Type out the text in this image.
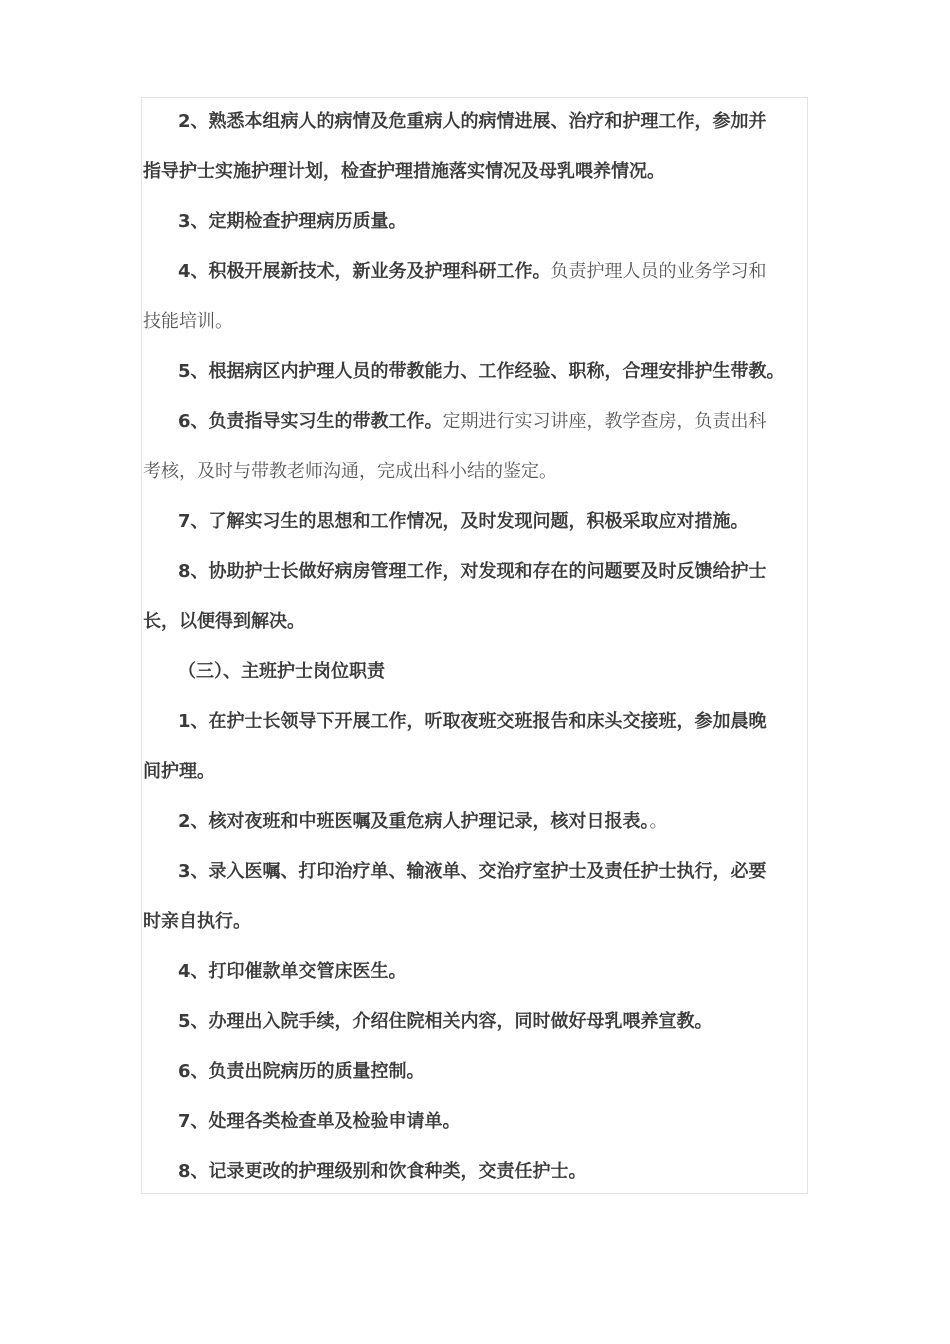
2、熟悉本组病人的病情及危重病人的病情进展、治疗和护理工作，参加并
指导护士实施护理计划，检查护理措施落实情况及母乳喂养情况。
3、定期检查护理病历质量。
4、积极开展新技术，新业务及护理科研工作。负责护理人员的业务学习和
技能培训。
5、根据病区内护理人员的带教能力、工作经验、职称，合理安排护生带教。
6、负责指导实习生的带教工作。定期进行实习讲座，教学查房，负责出科
考核，及时与带教老师沟通，完成出科小结的鉴定。
7、了解实习生的思想和工作情况，及时发现问题，积极采取应对措施。
8、协助护士长做好病房管理工作，对发现和存在的问题要及时反馈给护士
长，以便得到解决。
（三）、主班护士岗位职责
1、在护士长领导下开展工作，听取夜班交班报告和床头交接班，参加晨晚
间护理。
2、核对夜班和中班医嘱及重危病人护理记录，核对日报表。。
3、录入医嘱、打印治疗单、输液单、交治疗室护士及责任护士执行，必要
时亲自执行。
4、打印催款单交管床医生。
5、办理出入院手续，介绍住院相关内容，同时做好母乳喂养宣教。
6、负责出院病历的质量控制。
7、处理各类检查单及检验申请单。
8、记录更改的护理级别和饮食种类，交责任护士。
